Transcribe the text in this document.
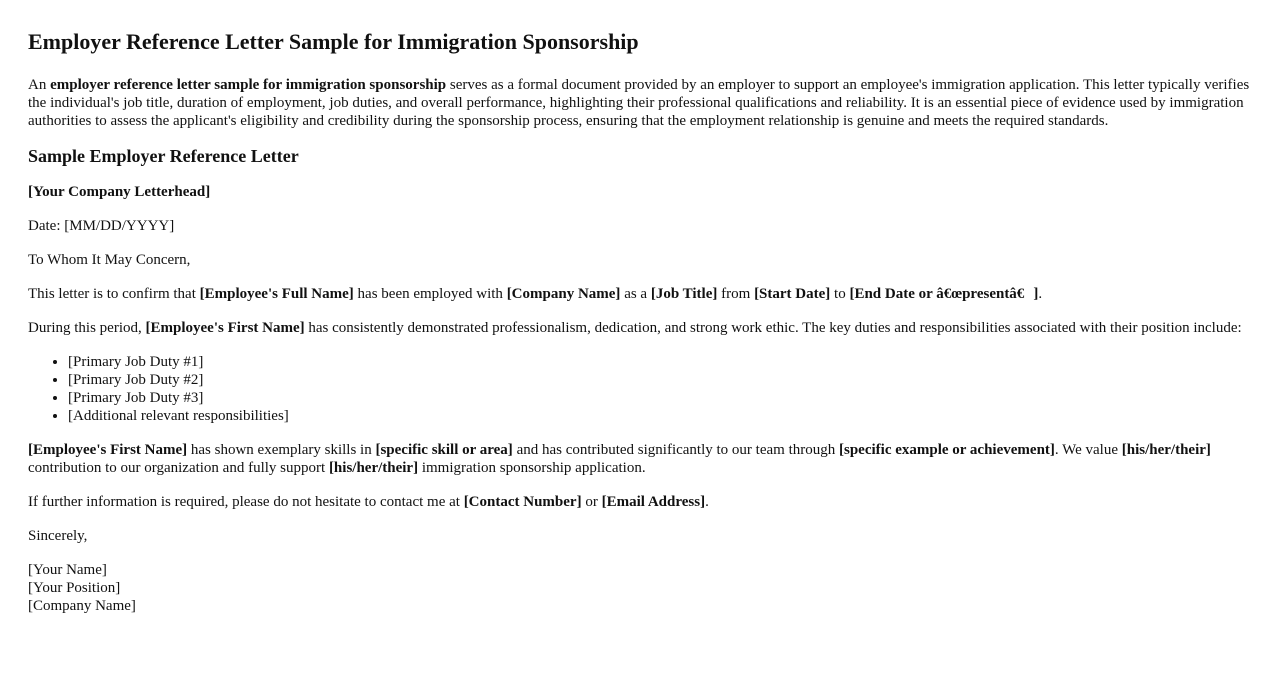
Employer Reference Letter Sample for Immigration Sponsorship

An employer reference letter sample for immigration sponsorship serves as a formal document provided by an employer to support an employee's immigration application. This letter typically verifies the individual's job title, duration of employment, job duties, and overall performance, highlighting their professional qualifications and reliability. It is an essential piece of evidence used by immigration authorities to assess the applicant's eligibility and credibility during the sponsorship process, ensuring that the employment relationship is genuine and meets the required standards.

Sample Employer Reference Letter

[Your Company Letterhead]

Date: [MM/DD/YYYY]

To Whom It May Concern,

This letter is to confirm that [Employee's Full Name] has been employed with [Company Name] as a [Job Title] from [Start Date] to [End Date or â€œpresentâ€].

During this period, [Employee's First Name] has consistently demonstrated professionalism, dedication, and strong work ethic. The key duties and responsibilities associated with their position include:

• [Primary Job Duty #1]
• [Primary Job Duty #2]
• [Primary Job Duty #3]
• [Additional relevant responsibilities]

[Employee's First Name] has shown exemplary skills in [specific skill or area] and has contributed significantly to our team through [specific example or achievement]. We value [his/her/their] contribution to our organization and fully support [his/her/their] immigration sponsorship application.

If further information is required, please do not hesitate to contact me at [Contact Number] or [Email Address].

Sincerely,

[Your Name]
[Your Position]
[Company Name]
